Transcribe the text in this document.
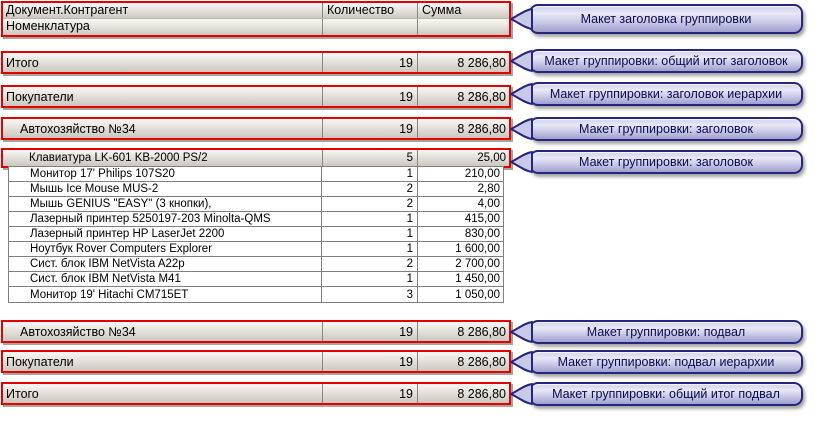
Документ.Контрагент	Количество	Сумма
Номенклатура
Итого	19	8 286,80
Покупатели	19	8 286,80
Автохозяйство №34	19	8 286,80
Клавиатура LK-601 KB-2000 PS/2	5	25,00
Монитор 17' Philips 107S20	1	210,00
Мышь Ice Mouse MUS-2	2	2,80
Мышь GENIUS "EASY" (3 кнопки),	2	4,00
Лазерный принтер 5250197-203 Minolta-QMS	1	415,00
Лазерный принтер HP LaserJet 2200	1	830,00
Ноутбук Rover Computers Explorer	1	1 600,00
Сист. блок IBM NetVista A22p	2	2 700,00
Сист. блок IBM NetVista M41	1	1 450,00
Монитор 19' Hitachi CM715ET	3	1 050,00
Автохозяйство №34	19	8 286,80
Покупатели	19	8 286,80
Итого	19	8 286,80
Макет заголовка группировки
Макет группировки: общий итог заголовок
Макет группировки: заголовок иерархии
Макет группировки: заголовок
Макет группировки: заголовок
Макет группировки: подвал
Макет группировки: подвал иерархии
Макет группировки: общий итог подвал
